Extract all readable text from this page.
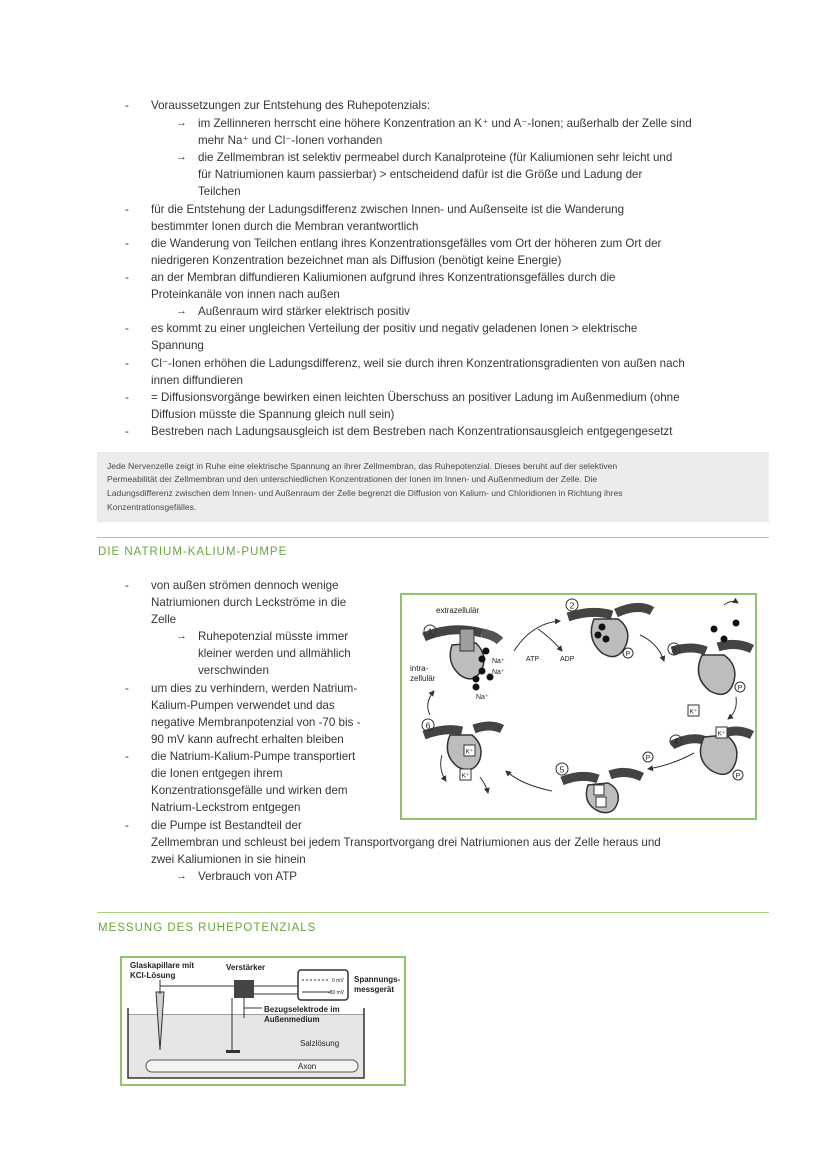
- Voraussetzungen zur Entstehung des Ruhepotenzials:
→ im Zellinneren herrscht eine höhere Konzentration an K⁺ und A⁻-Ionen; außerhalb der Zelle sind
mehr Na⁺ und Cl⁻-Ionen vorhanden
→ die Zellmembran ist selektiv permeabel durch Kanalproteine (für Kaliumionen sehr leicht und
für Natriumionen kaum passierbar) > entscheidend dafür ist die Größe und Ladung der
Teilchen
- für die Entstehung der Ladungsdifferenz zwischen Innen- und Außenseite ist die Wanderung
bestimmter Ionen durch die Membran verantwortlich
- die Wanderung von Teilchen entlang ihres Konzentrationsgefälles vom Ort der höheren zum Ort der
niedrigeren Konzentration bezeichnet man als Diffusion (benötigt keine Energie)
- an der Membran diffundieren Kaliumionen aufgrund ihres Konzentrationsgefälles durch die
Proteinkanäle von innen nach außen
→ Außenraum wird stärker elektrisch positiv
- es kommt zu einer ungleichen Verteilung der positiv und negativ geladenen Ionen > elektrische
Spannung
- Cl⁻-Ionen erhöhen die Ladungsdifferenz, weil sie durch ihren Konzentrationsgradienten von außen nach
innen diffundieren
- = Diffusionsvorgänge bewirken einen leichten Überschuss an positiver Ladung im Außenmedium (ohne
Diffusion müsste die Spannung gleich null sein)
- Bestreben nach Ladungsausgleich ist dem Bestreben nach Konzentrationsausgleich entgegengesetzt
Jede Nervenzelle zeigt in Ruhe eine elektrische Spannung an ihrer Zellmembran, das Ruhepotenzial. Dieses beruht auf der selektiven
Permeabilität der Zellmembran und den unterschiedlichen Konzentrationen der Ionen im Innen- und Außenmedium der Zelle. Die
Ladungsdifferenz zwischen dem Innen- und Außenraum der Zelle begrenzt die Diffusion von Kalium- und Chloridionen in Richtung ihres
Konzentrationsgefälles.
DIE NATRIUM-KALIUM-PUMPE
- von außen strömen dennoch wenige
Natriumionen durch Leckströme in die
Zelle
→ Ruhepotenzial müsste immer
kleiner werden und allmählich
verschwinden
- um dies zu verhindern, werden Natrium-
Kalium-Pumpen verwendet und das
negative Membranpotenzial von -70 bis -
90 mV kann aufrecht erhalten bleiben
- die Natrium-Kalium-Pumpe transportiert
die Ionen entgegen ihrem
Konzentrationsgefälle und wirken dem
Natrium-Leckstrom entgegen
- die Pumpe ist Bestandteil der
Zellmembran und schleust bei jedem Transportvorgang drei Natriumionen aus der Zelle heraus und
zwei Kaliumionen in sie hinein
→ Verbrauch von ATP
1
extrazellulär
intra-
zellulär
Na⁺
Na⁺
Na⁺
ATP	ADP
P
2
P
3
K⁺
K⁺
P
4
P
5
K⁺
K⁺
6
MESSUNG DES RUHEPOTENZIALS
Axon
Salzlösung
Glaskapillare mit
KCl-Lösung
Verstärker
Bezugselektrode im
Außenmedium
0 mV
-80 mV
Spannungs-
messgerät
